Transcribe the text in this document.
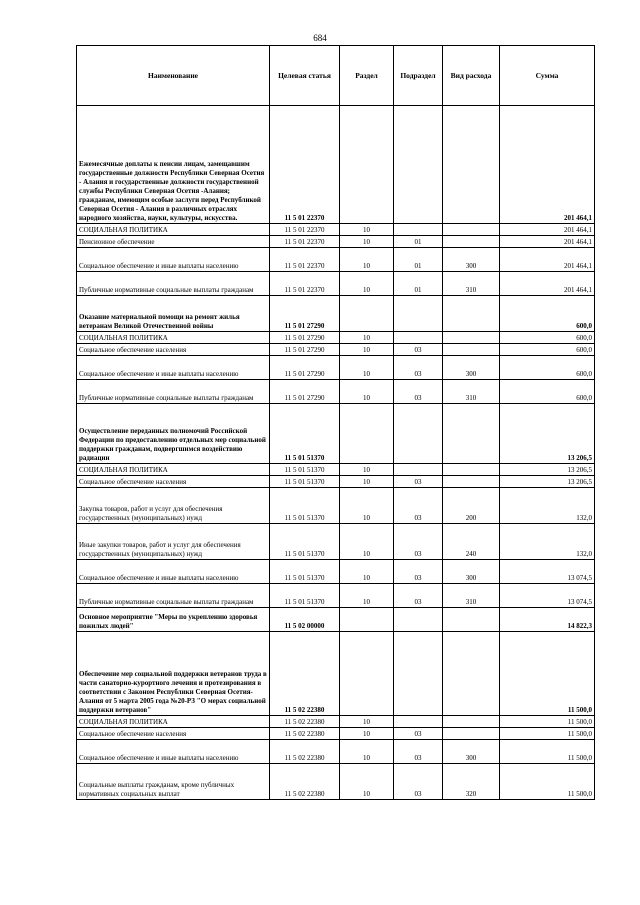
684
Наименование	Целевая статья	Раздел	Подраздел	Вид расхода	Сумма
Ежемесячные доплаты к пенсии лицам, замещавшим государственные должности Республики Северная Осетия - Алания и государственные должности государственной службы Республики Северная Осетия -Алания; гражданам, имеющим особые заслуги перед Республикой Северная Осетия - Алания в различных отраслях народного хозяйства, науки, культуры, искусства.	11 5 01 22370				201 464,1
СОЦИАЛЬНАЯ ПОЛИТИКА	11 5 01 22370	10			201 464,1
Пенсионное обеспечение	11 5 01 22370	10	01		201 464,1
Социальное обеспечение и иные выплаты населению	11 5 01 22370	10	01	300	201 464,1
Публичные нормативные социальные выплаты гражданам	11 5 01 22370	10	01	310	201 464,1
Оказание материальной помощи на ремонт жилья ветеранам Великой Отечественной войны	11 5 01 27290				600,0
СОЦИАЛЬНАЯ ПОЛИТИКА	11 5 01 27290	10			600,0
Социальное обеспечение населения	11 5 01 27290	10	03		600,0
Социальное обеспечение и иные выплаты населению	11 5 01 27290	10	03	300	600,0
Публичные нормативные социальные выплаты гражданам	11 5 01 27290	10	03	310	600,0
Осуществление переданных полномочий Российской Федерации по предоставлению отдельных мер социальной поддержки гражданам, подвергшимся воздействию радиации	11 5 01 51370				13 206,5
СОЦИАЛЬНАЯ ПОЛИТИКА	11 5 01 51370	10			13 206,5
Социальное обеспечение населения	11 5 01 51370	10	03		13 206,5
Закупка товаров, работ и услуг для обеспечения государственных (муниципальных) нужд	11 5 01 51370	10	03	200	132,0
Иные закупки товаров, работ и услуг для обеспечения государственных (муниципальных) нужд	11 5 01 51370	10	03	240	132,0
Социальное обеспечение и иные выплаты населению	11 5 01 51370	10	03	300	13 074,5
Публичные нормативные социальные выплаты гражданам	11 5 01 51370	10	03	310	13 074,5
Основное мероприятие "Меры по укреплению здоровья пожилых людей"	11 5 02 00000				14 822,3
Обеспечение мер социальной поддержки ветеранов труда в части санаторно-курортного лечения и протезирования в соответствии с Законом Республики Северная Осетия-Алания от 5 марта 2005 года №20-РЗ "О мерах социальной поддержки ветеранов"	11 5 02 22380				11 500,0
СОЦИАЛЬНАЯ ПОЛИТИКА	11 5 02 22380	10			11 500,0
Социальное обеспечение населения	11 5 02 22380	10	03		11 500,0
Социальное обеспечение и иные выплаты населению	11 5 02 22380	10	03	300	11 500,0
Социальные выплаты гражданам, кроме публичных нормативных социальных выплат	11 5 02 22380	10	03	320	11 500,0
